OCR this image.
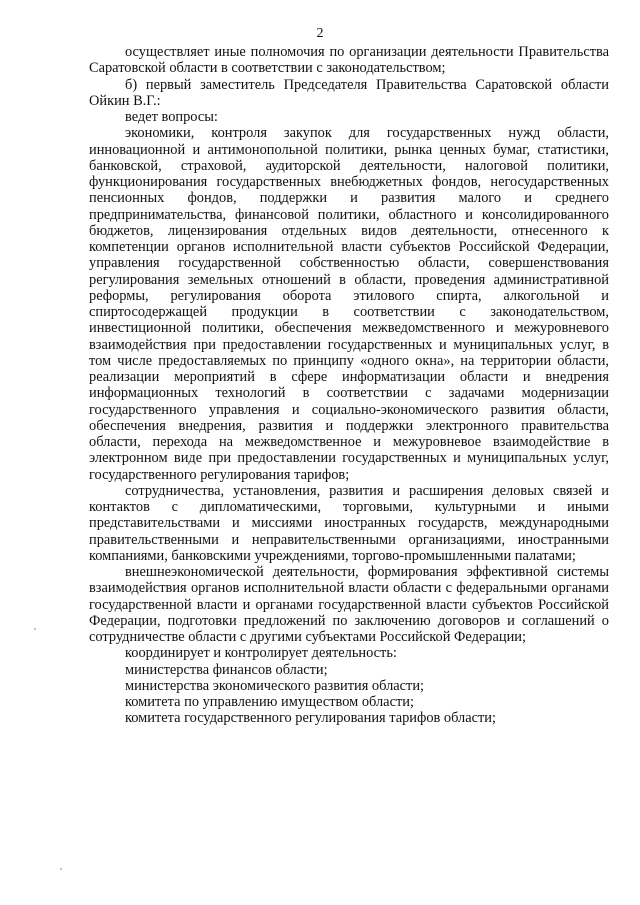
2

осуществляет иные полномочия по организации деятельности Правительства Саратовской области в соответствии с законодательством;

б) первый заместитель Председателя Правительства Саратовской области Ойкин В.Г.:

ведет вопросы:

экономики, контроля закупок для государственных нужд области, инновационной и антимонопольной политики, рынка ценных бумаг, статистики, банковской, страховой, аудиторской деятельности, налоговой политики, функционирования государственных внебюджетных фондов, негосударственных пенсионных фондов, поддержки и развития малого и среднего предпринимательства, финансовой политики, областного и консолидированного бюджетов, лицензирования отдельных видов деятельности, отнесенного к компетенции органов исполнительной власти субъектов Российской Федерации, управления государственной собственностью области, совершенствования регулирования земельных отношений в области, проведения административной реформы, регулирования оборота этилового спирта, алкогольной и спиртосодержащей продукции в соответствии с законодательством, инвестиционной политики, обеспечения межведомственного и межуровневого взаимодействия при предоставлении государственных и муниципальных услуг, в том числе предоставляемых по принципу «одного окна», на территории области, реализации мероприятий в сфере информатизации области и внедрения информационных технологий в соответствии с задачами модернизации государственного управления и социально-экономического развития области, обеспечения внедрения, развития и поддержки электронного правительства области, перехода на межведомственное и межуровневое взаимодействие в электронном виде при предоставлении государственных и муниципальных услуг, государственного регулирования тарифов;

сотрудничества, установления, развития и расширения деловых связей и контактов с дипломатическими, торговыми, культурными и иными представительствами и миссиями иностранных государств, международными правительственными и неправительственными организациями, иностранными компаниями, банковскими учреждениями, торгово-промышленными палатами;

внешнеэкономической деятельности, формирования эффективной системы взаимодействия органов исполнительной власти области с федеральными органами государственной власти и органами государственной власти субъектов Российской Федерации, подготовки предложений по заключению договоров и соглашений о сотрудничестве области с другими субъектами Российской Федерации;

координирует и контролирует деятельность:

министерства финансов области;

министерства экономического развития области;

комитета по управлению имуществом области;

комитета государственного регулирования тарифов области;
